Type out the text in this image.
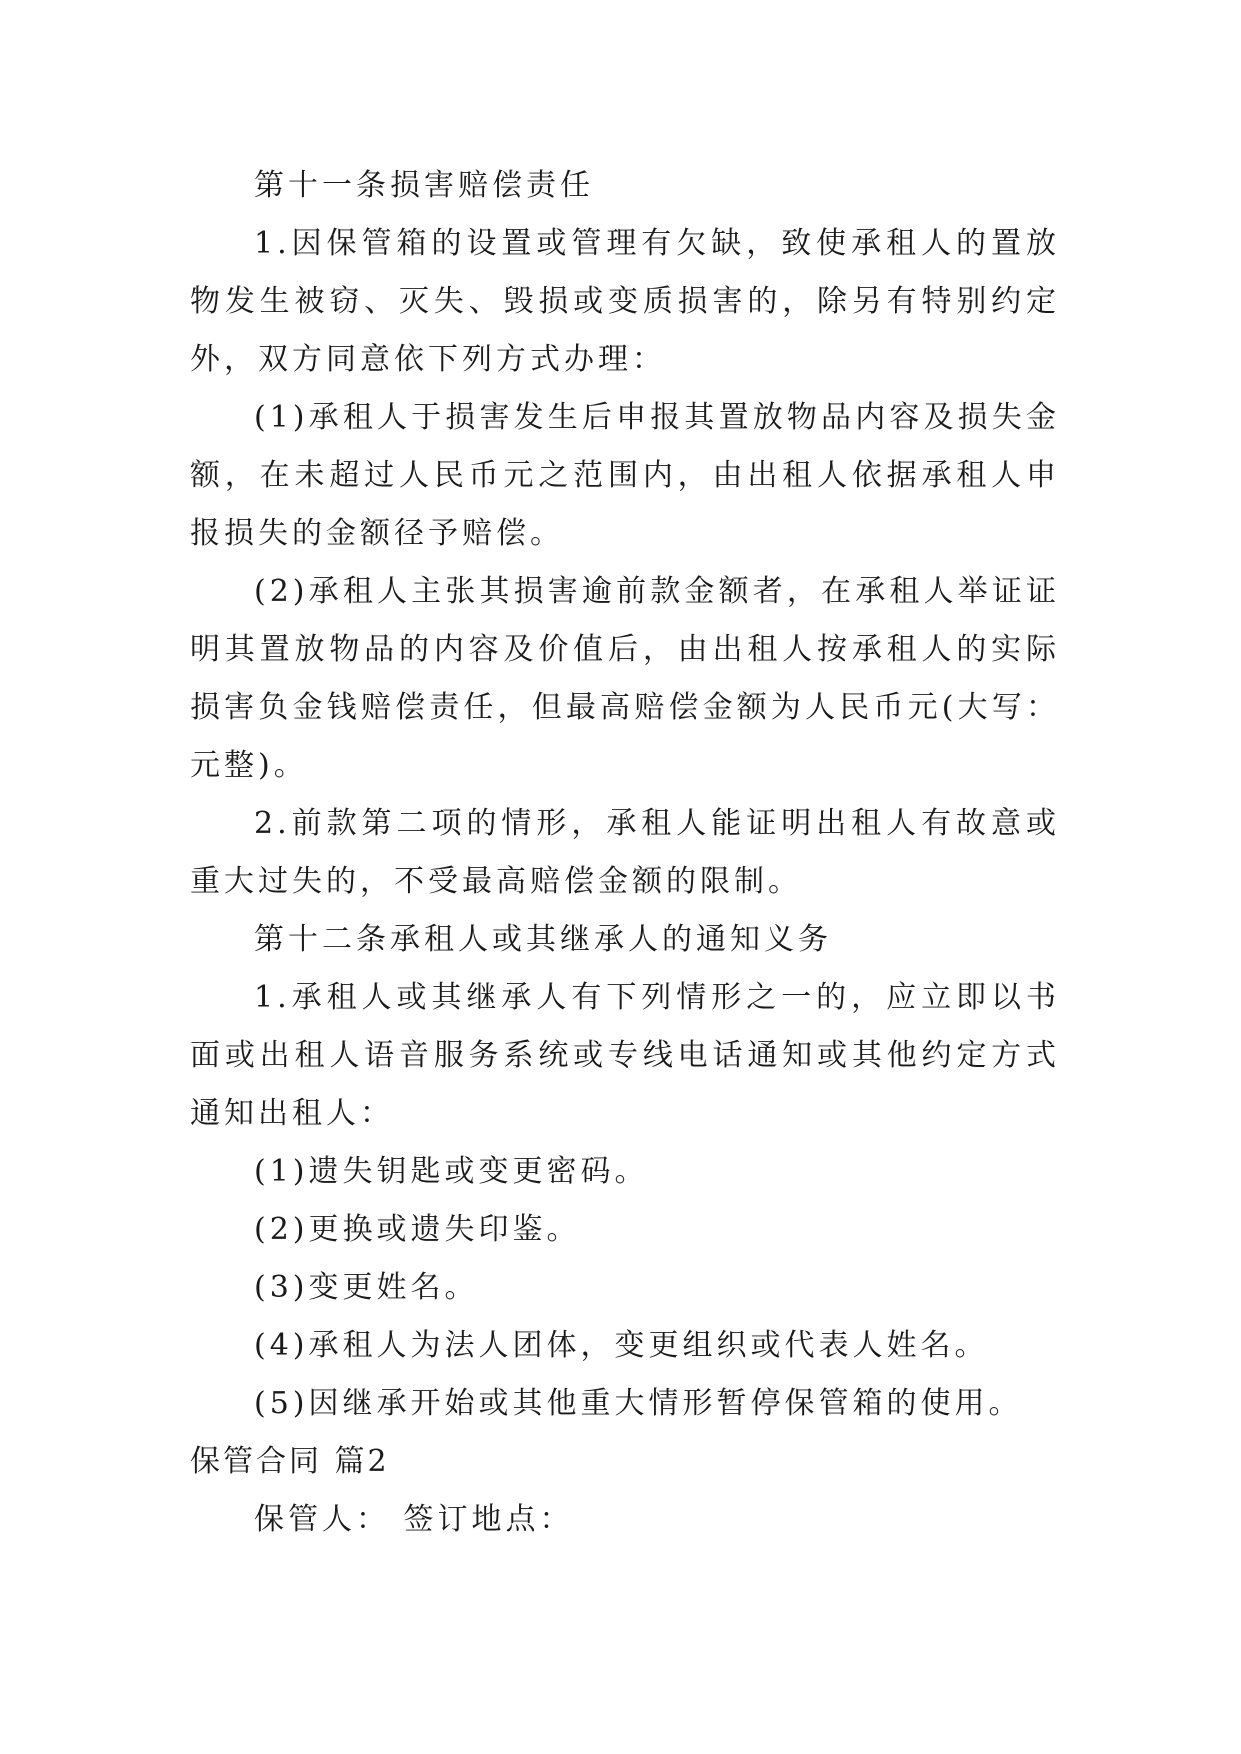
第十一条损害赔偿责任

1.因保管箱的设置或管理有欠缺，致使承租人的置放物发生被窃、灭失、毁损或变质损害的，除另有特别约定外，双方同意依下列方式办理：

(1)承租人于损害发生后申报其置放物品内容及损失金额，在未超过人民币元之范围内，由出租人依据承租人申报损失的金额径予赔偿。

(2)承租人主张其损害逾前款金额者，在承租人举证证明其置放物品的内容及价值后，由出租人按承租人的实际损害负金钱赔偿责任，但最高赔偿金额为人民币元(大写：元整)。

2.前款第二项的情形，承租人能证明出租人有故意或重大过失的，不受最高赔偿金额的限制。

第十二条承租人或其继承人的通知义务

1.承租人或其继承人有下列情形之一的，应立即以书面或出租人语音服务系统或专线电话通知或其他约定方式通知出租人：

(1)遗失钥匙或变更密码。

(2)更换或遗失印鉴。

(3)变更姓名。

(4)承租人为法人团体，变更组织或代表人姓名。

(5)因继承开始或其他重大情形暂停保管箱的使用。

保管合同 篇2

保管人： 签订地点：
